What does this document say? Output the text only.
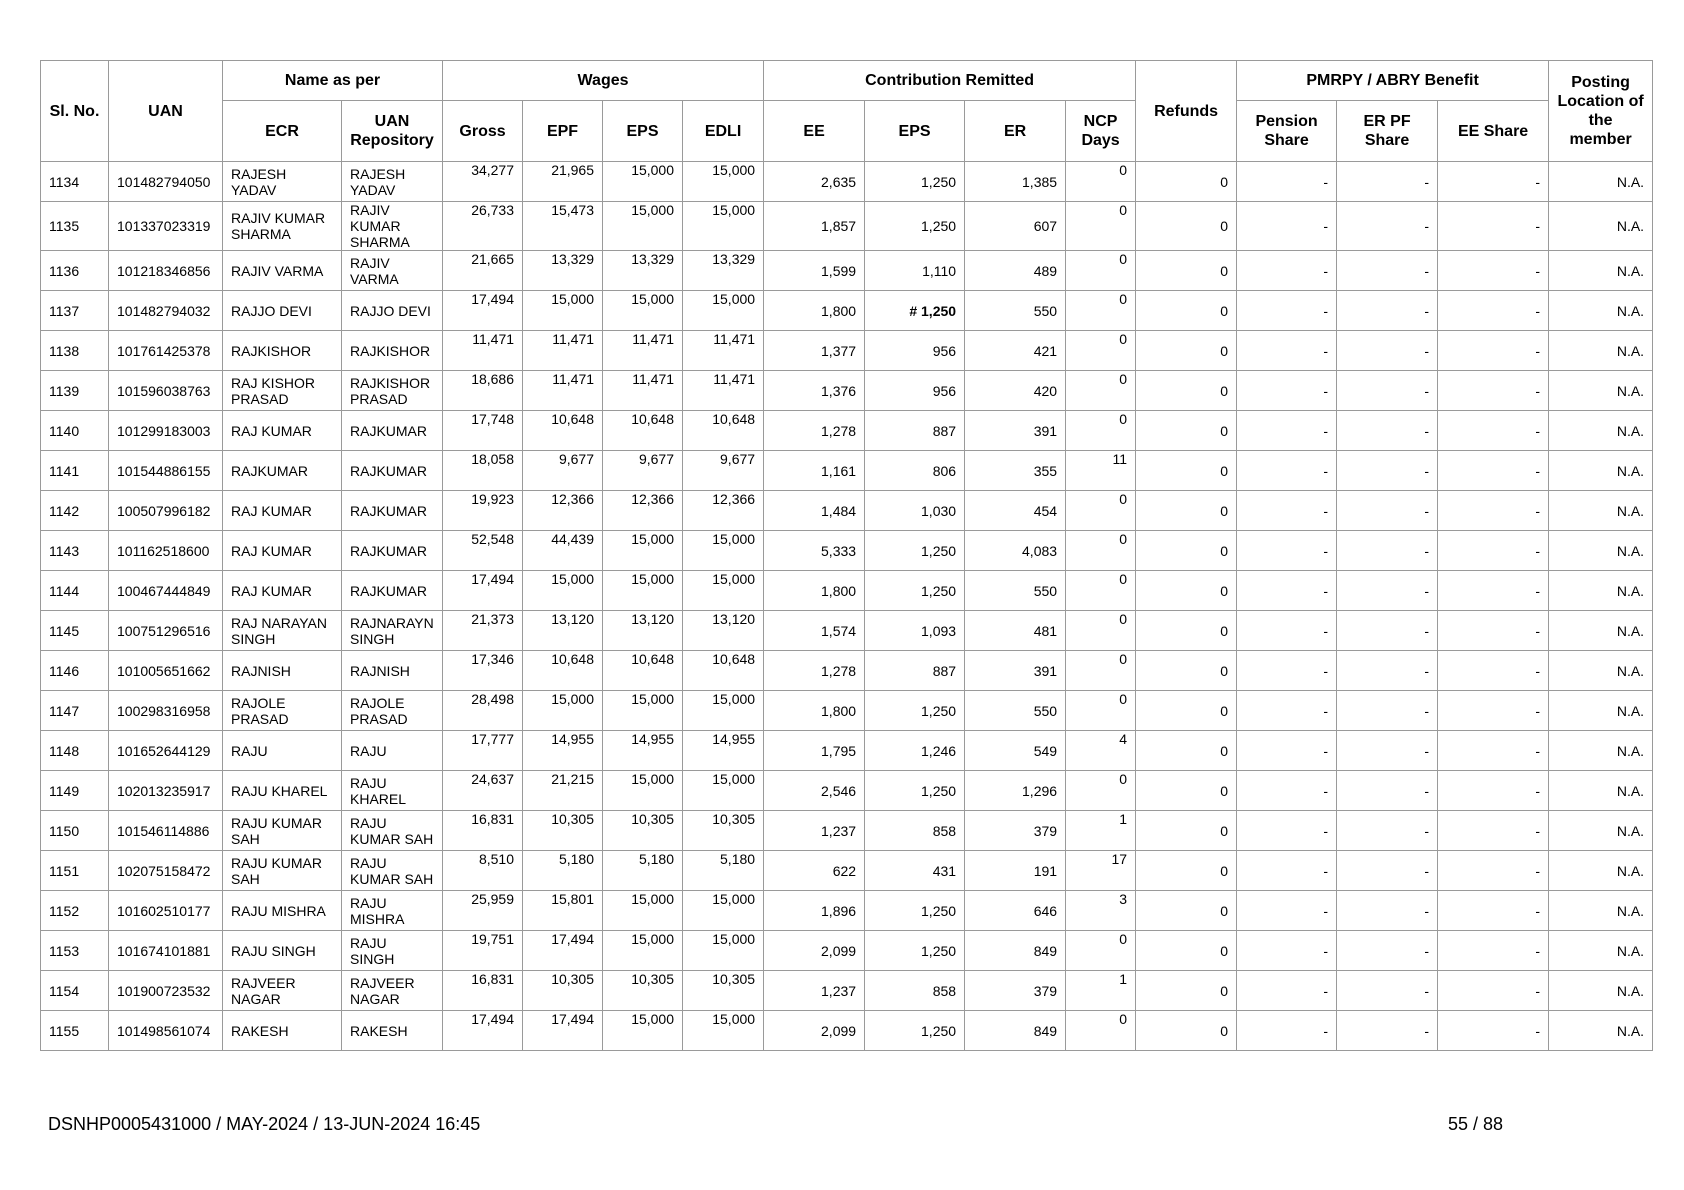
Sl. No.	UAN	Name as per		Wages				Contribution Remitted				Refunds	PMRPY / ABRY Benefit			Posting Location of the member
		ECR	UAN Repository	Gross	EPF	EPS	EDLI	EE	EPS	ER	NCP Days		Pension Share	ER PF Share	EE Share	
1134	101482794050	RAJESH YADAV	RAJESH YADAV	34,277	21,965	15,000	15,000	2,635	1,250	1,385	0	0	-	-	-	N.A.
1135	101337023319	RAJIV KUMAR SHARMA	RAJIV KUMAR SHARMA	26,733	15,473	15,000	15,000	1,857	1,250	607	0	0	-	-	-	N.A.
1136	101218346856	RAJIV VARMA	RAJIV VARMA	21,665	13,329	13,329	13,329	1,599	1,110	489	0	0	-	-	-	N.A.
1137	101482794032	RAJJO DEVI	RAJJO DEVI	17,494	15,000	15,000	15,000	1,800	# 1,250	550	0	0	-	-	-	N.A.
1138	101761425378	RAJKISHOR	RAJKISHOR	11,471	11,471	11,471	11,471	1,377	956	421	0	0	-	-	-	N.A.
1139	101596038763	RAJ KISHOR PRASAD	RAJKISHOR PRASAD	18,686	11,471	11,471	11,471	1,376	956	420	0	0	-	-	-	N.A.
1140	101299183003	RAJ KUMAR	RAJKUMAR	17,748	10,648	10,648	10,648	1,278	887	391	0	0	-	-	-	N.A.
1141	101544886155	RAJKUMAR	RAJKUMAR	18,058	9,677	9,677	9,677	1,161	806	355	11	0	-	-	-	N.A.
1142	100507996182	RAJ KUMAR	RAJKUMAR	19,923	12,366	12,366	12,366	1,484	1,030	454	0	0	-	-	-	N.A.
1143	101162518600	RAJ KUMAR	RAJKUMAR	52,548	44,439	15,000	15,000	5,333	1,250	4,083	0	0	-	-	-	N.A.
1144	100467444849	RAJ KUMAR	RAJKUMAR	17,494	15,000	15,000	15,000	1,800	1,250	550	0	0	-	-	-	N.A.
1145	100751296516	RAJ NARAYAN SINGH	RAJNARAYN SINGH	21,373	13,120	13,120	13,120	1,574	1,093	481	0	0	-	-	-	N.A.
1146	101005651662	RAJNISH	RAJNISH	17,346	10,648	10,648	10,648	1,278	887	391	0	0	-	-	-	N.A.
1147	100298316958	RAJOLE PRASAD	RAJOLE PRASAD	28,498	15,000	15,000	15,000	1,800	1,250	550	0	0	-	-	-	N.A.
1148	101652644129	RAJU	RAJU	17,777	14,955	14,955	14,955	1,795	1,246	549	4	0	-	-	-	N.A.
1149	102013235917	RAJU KHAREL	RAJU KHAREL	24,637	21,215	15,000	15,000	2,546	1,250	1,296	0	0	-	-	-	N.A.
1150	101546114886	RAJU KUMAR SAH	RAJU KUMAR SAH	16,831	10,305	10,305	10,305	1,237	858	379	1	0	-	-	-	N.A.
1151	102075158472	RAJU KUMAR SAH	RAJU KUMAR SAH	8,510	5,180	5,180	5,180	622	431	191	17	0	-	-	-	N.A.
1152	101602510177	RAJU MISHRA	RAJU MISHRA	25,959	15,801	15,000	15,000	1,896	1,250	646	3	0	-	-	-	N.A.
1153	101674101881	RAJU SINGH	RAJU SINGH	19,751	17,494	15,000	15,000	2,099	1,250	849	0	0	-	-	-	N.A.
1154	101900723532	RAJVEER NAGAR	RAJVEER NAGAR	16,831	10,305	10,305	10,305	1,237	858	379	1	0	-	-	-	N.A.
1155	101498561074	RAKESH	RAKESH	17,494	17,494	15,000	15,000	2,099	1,250	849	0	0	-	-	-	N.A.
DSNHP0005431000 / MAY-2024 / 13-JUN-2024 16:45	55 / 88
